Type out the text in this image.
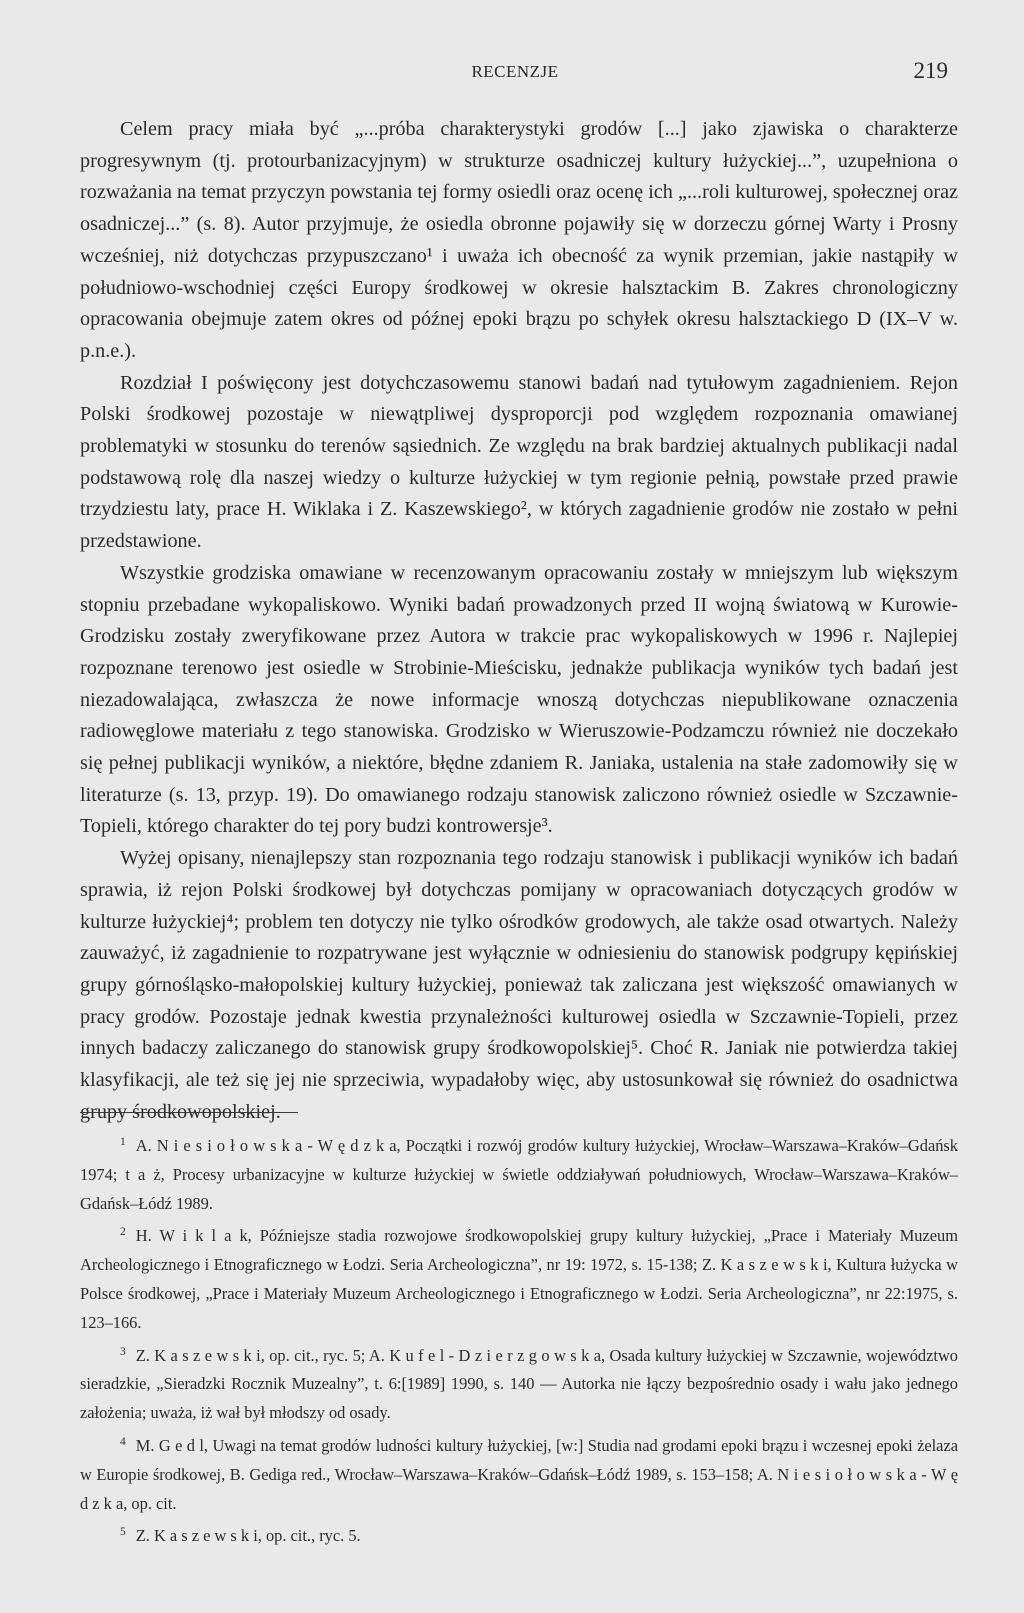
RECENZJE	219

Celem pracy miała być „...próba charakterystyki grodów [...] jako zjawiska o charakterze progresywnym (tj. protourbanizacyjnym) w strukturze osadniczej kultury łużyckiej...”, uzupełniona o rozważania na temat przyczyn powstania tej formy osiedli oraz ocenę ich „...roli kulturowej, społecznej oraz osadniczej...” (s. 8). Autor przyjmuje, że osiedla obronne pojawiły się w dorzeczu górnej Warty i Prosny wcześniej, niż dotychczas przypuszczano¹ i uważa ich obecność za wynik przemian, jakie nastąpiły w południowo-wschodniej części Europy środkowej w okresie halsztackim B. Zakres chronologiczny opracowania obejmuje zatem okres od późnej epoki brązu po schyłek okresu halsztackiego D (IX–V w. p.n.e.).

Rozdział I poświęcony jest dotychczasowemu stanowi badań nad tytułowym zagadnieniem. Rejon Polski środkowej pozostaje w niewątpliwej dysproporcji pod względem rozpoznania omawianej problematyki w stosunku do terenów sąsiednich. Ze względu na brak bardziej aktualnych publikacji nadal podstawową rolę dla naszej wiedzy o kulturze łużyckiej w tym regionie pełnią, powstałe przed prawie trzydziestu laty, prace H. Wiklaka i Z. Kaszewskiego², w których zagadnienie grodów nie zostało w pełni przedstawione.

Wszystkie grodziska omawiane w recenzowanym opracowaniu zostały w mniejszym lub większym stopniu przebadane wykopaliskowo. Wyniki badań prowadzonych przed II wojną światową w Kurowie-Grodzisku zostały zweryfikowane przez Autora w trakcie prac wykopaliskowych w 1996 r. Najlepiej rozpoznane terenowo jest osiedle w Strobinie-Mieścisku, jednakże publikacja wyników tych badań jest niezadowalająca, zwłaszcza że nowe informacje wnoszą dotychczas niepublikowane oznaczenia radiowęglowe materiału z tego stanowiska. Grodzisko w Wieruszowie-Podzamczu również nie doczekało się pełnej publikacji wyników, a niektóre, błędne zdaniem R. Janiaka, ustalenia na stałe zadomowiły się w literaturze (s. 13, przyp. 19). Do omawianego rodzaju stanowisk zaliczono również osiedle w Szczawnie-Topieli, którego charakter do tej pory budzi kontrowersje³.

Wyżej opisany, nienajlepszy stan rozpoznania tego rodzaju stanowisk i publikacji wyników ich badań sprawia, iż rejon Polski środkowej był dotychczas pomijany w opracowaniach dotyczących grodów w kulturze łużyckiej⁴; problem ten dotyczy nie tylko ośrodków grodowych, ale także osad otwartych. Należy zauważyć, iż zagadnienie to rozpatrywane jest wyłącznie w odniesieniu do stanowisk podgrupy kępińskiej grupy górnośląsko-małopolskiej kultury łużyckiej, ponieważ tak zaliczana jest większość omawianych w pracy grodów. Pozostaje jednak kwestia przynależności kulturowej osiedla w Szczawnie-Topieli, przez innych badaczy zaliczanego do stanowisk grupy środkowopolskiej⁵. Choć R. Janiak nie potwierdza takiej klasyfikacji, ale też się jej nie sprzeciwia, wypadałoby więc, aby ustosunkował się również do osadnictwa grupy środkowopolskiej.

$^1$ A. N i e s i o ł o w s k a - W ę d z k a, Początki i rozwój grodów kultury łużyckiej, Wrocław–Warszawa–Kraków–Gdańsk 1974; t a ż, Procesy urbanizacyjne w kulturze łużyckiej w świetle oddziaływań południowych, Wrocław–Warszawa–Kraków–Gdańsk–Łódź 1989.

$^2$ H. W i k l a k, Późniejsze stadia rozwojowe środkowopolskiej grupy kultury łużyckiej, „Prace i Materiały Muzeum Archeologicznego i Etnograficznego w Łodzi. Seria Archeologiczna”, nr 19: 1972, s. 15-138; Z. K a s z e w s k i, Kultura łużycka w Polsce środkowej, „Prace i Materiały Muzeum Archeologicznego i Etnograficznego w Łodzi. Seria Archeologiczna”, nr 22:1975, s. 123–166.

$^3$ Z. K a s z e w s k i, op. cit., ryc. 5; A. K u f e l - D z i e r z g o w s k a, Osada kultury łużyckiej w Szczawnie, województwo sieradzkie, „Sieradzki Rocznik Muzealny”, t. 6:[1989] 1990, s. 140 — Autorka nie łączy bezpośrednio osady i wału jako jednego założenia; uważa, iż wał był młodszy od osady.

$^4$ M. G e d l, Uwagi na temat grodów ludności kultury łużyckiej, [w:] Studia nad grodami epoki brązu i wczesnej epoki żelaza w Europie środkowej, B. Gediga red., Wrocław–Warszawa–Kraków–Gdańsk–Łódź 1989, s. 153–158; A. N i e s i o ł o w s k a - W ę d z k a, op. cit.

$^5$ Z. K a s z e w s k i, op. cit., ryc. 5.
